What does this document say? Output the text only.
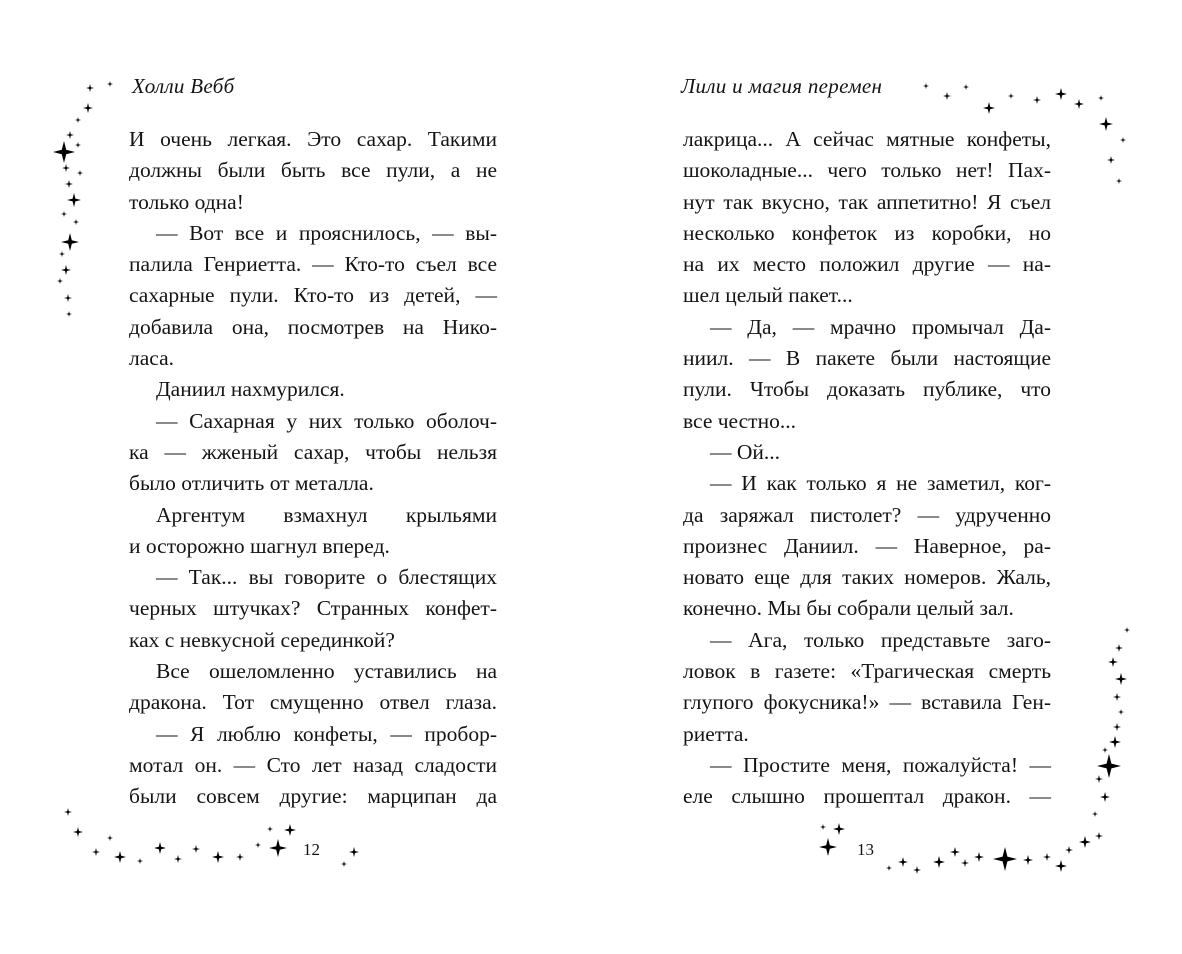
Холли Вебб
И очень легкая. Это сахар. Такими
должны были быть все пули, а не
только одна!
— Вот все и прояснилось, — вы-
палила Генриетта. — Кто-то съел все
сахарные пули. Кто-то из детей, —
добавила она, посмотрев на Нико-
ласа.
Даниил нахмурился.
— Сахарная у них только оболоч-
ка — жженый сахар, чтобы нельзя
было отличить от металла.
Аргентум взмахнул крыльями
и осторожно шагнул вперед.
— Так... вы говорите о блестящих
черных штучках? Странных конфет-
ках с невкусной серединкой?
Все ошеломленно уставились на
дракона. Тот смущенно отвел глаза.
— Я люблю конфеты, — пробор-
мотал он. — Сто лет назад сладости
были совсем другие: марципан да
12
Лили и магия перемен
лакрица... А сейчас мятные конфеты,
шоколадные... чего только нет! Пах-
нут так вкусно, так аппетитно! Я съел
несколько конфеток из коробки, но
на их место положил другие — на-
шел целый пакет...
— Да, — мрачно промычал Да-
ниил. — В пакете были настоящие
пули. Чтобы доказать публике, что
все честно...
— Ой...
— И как только я не заметил, ког-
да заряжал пистолет? — удрученно
произнес Даниил. — Наверное, ра-
новато еще для таких номеров. Жаль,
конечно. Мы бы собрали целый зал.
— Ага, только представьте заго-
ловок в газете: «Трагическая смерть
глупого фокусника!» — вставила Ген-
риетта.
— Простите меня, пожалуйста! —
еле слышно прошептал дракон. —
13
